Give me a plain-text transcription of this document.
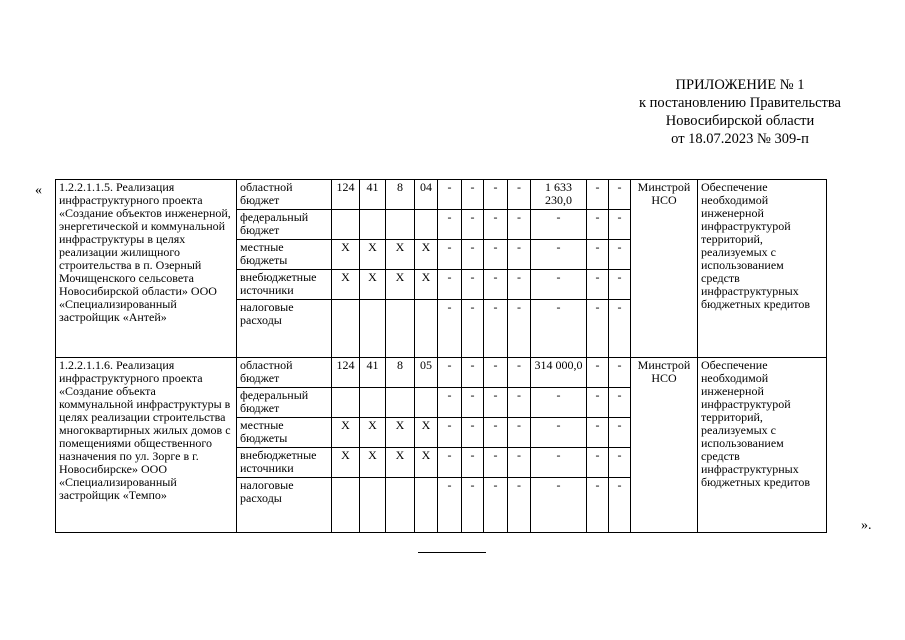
ПРИЛОЖЕНИЕ № 1
к постановлению Правительства
Новосибирской области
от 18.07.2023 № 309-п
« 1.2.2.1.1.5. Реализация инфраструктурного проекта «Создание объектов инженерной, энергетической и коммунальной инфраструктуры в целях реализации жилищного строительства в п. Озерный Мочищенского сельсовета Новосибирской области» ООО «Специализированный застройщик «Антей»	областной бюджет	124	41	8	04	-	-	-	-	1 633 230,0	-	-	Минстрой НСО	Обеспечение необходимой инженерной инфраструктурой территорий, реализуемых с использованием средств инфраструктурных бюджетных кредитов
	федеральный бюджет					-	-	-	-	-	-	-		
	местные бюджеты	Х	Х	Х	Х	-	-	-	-	-	-	-		
	внебюджетные источники	Х	Х	Х	Х	-	-	-	-	-	-	-		
	налоговые расходы					-	-	-	-	-	-	-		
1.2.2.1.1.6. Реализация инфраструктурного проекта «Создание объекта коммунальной инфраструктуры в целях реализации строительства многоквартирных жилых домов с помещениями общественного назначения по ул. Зорге в г. Новосибирске» ООО «Специализированный застройщик «Темпо»	областной бюджет	124	41	8	05	-	-	-	-	314 000,0	-	-	Минстрой НСО	Обеспечение необходимой инженерной инфраструктурой территорий, реализуемых с использованием средств инфраструктурных бюджетных кредитов
	федеральный бюджет					-	-	-	-	-	-	-		
	местные бюджеты	Х	Х	Х	Х	-	-	-	-	-	-	-		
	внебюджетные источники	Х	Х	Х	Х	-	-	-	-	-	-	-		
	налоговые расходы					-	-	-	-	-	-	-		
».
